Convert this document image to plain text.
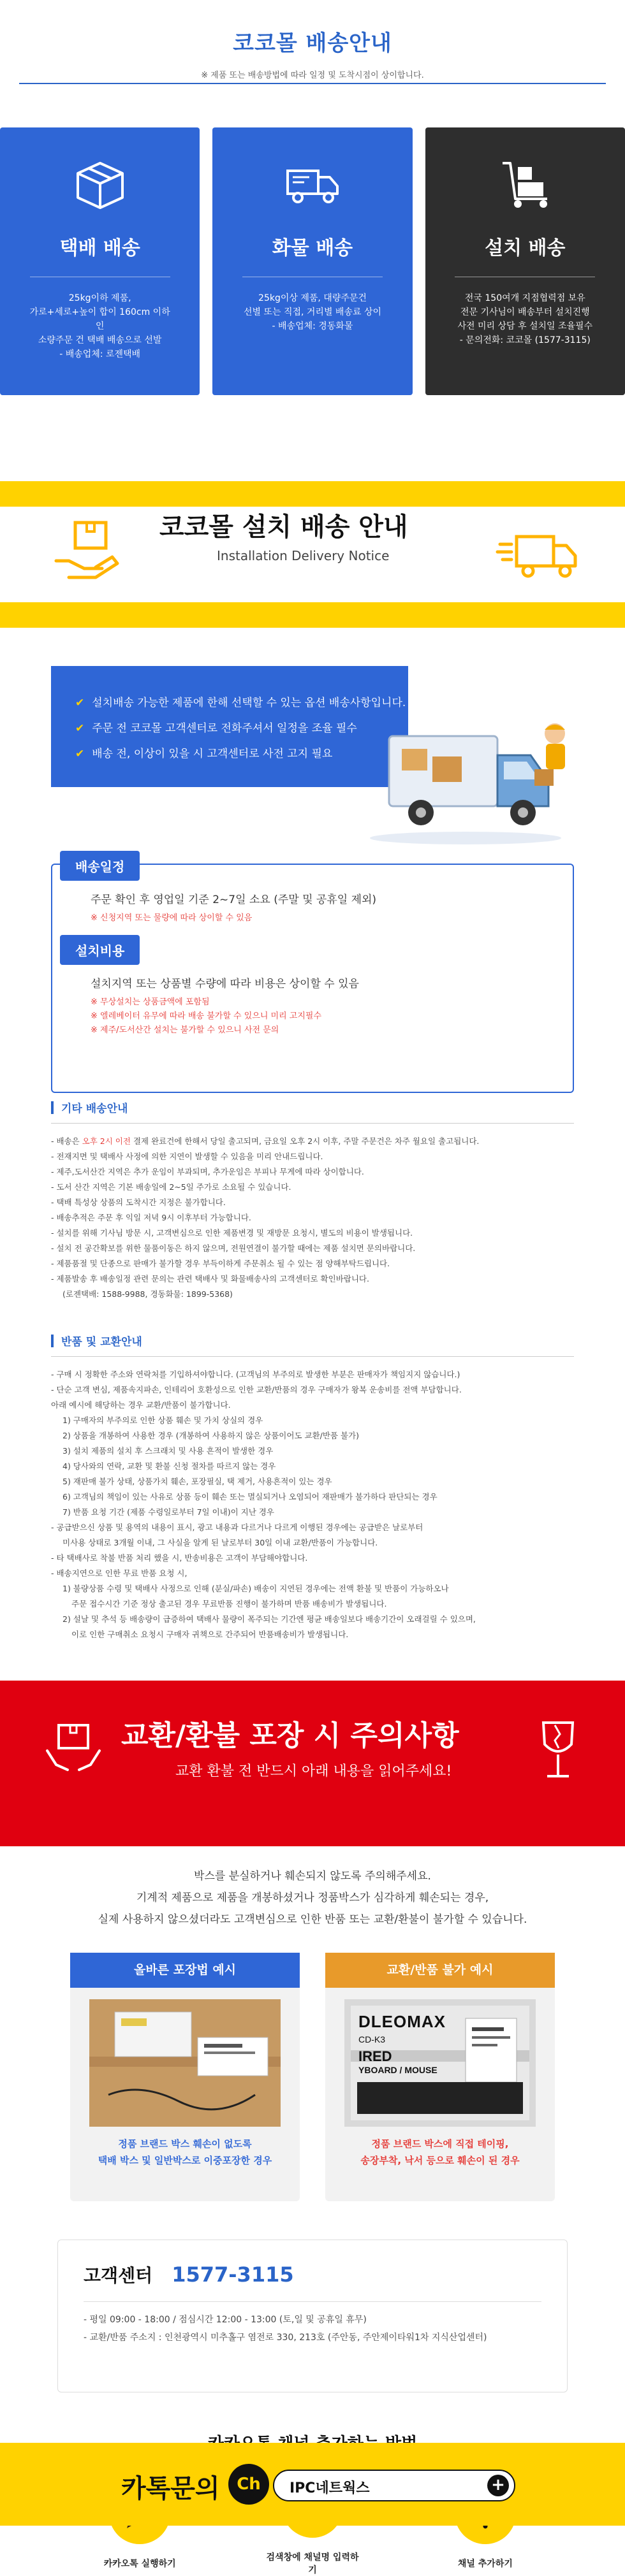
코코몰 배송안내

※ 제품 또는 배송방법에 따라 일정 및 도착시점이 상이합니다.

택배 배송
25kg이하 제품,
가로+세로+높이 합이 160cm 이하인
소량주문 건 택배 배송으로 선발
- 배송업체: 로젠택배
화물 배송
25kg이상 제품, 대량주문건
선별 또는 직접, 거리별 배송료 상이
- 배송업체: 경동화물
설치 배송
전국 150여개 지점협력점 보유
전문 기사님이 배송부터 설치진행
사전 미리 상담 후 설치일 조율필수
- 문의전화: 코코몰 (1577-3115)
코코몰 설치 배송 안내
Installation Delivery Notice
✔ 설치배송 가능한 제품에 한해 선택할 수 있는 옵션 배송사항입니다.
✔ 주문 전 코코몰 고객센터로 전화주셔서 일정을 조율 필수
✔ 배송 전, 이상이 있을 시 고객센터로 사전 고지 필요
배송일정
주문 확인 후 영업일 기준 2~7일 소요 (주말 및 공휴일 제외)
※ 신청지역 또는 물량에 따라 상이할 수 있음
설치비용
설치지역 또는 상품별 수량에 따라 비용은 상이할 수 있음
※ 무상설치는 상품금액에 포함됨
※ 엘레베이터 유무에 따라 배송 불가할 수 있으니 미리 고지필수
※ 제주/도서산간 설치는 불가할 수 있으니 사전 문의
기타 배송안내
- 배송은 오후 2시 이전 결제 완료건에 한해서 당일 출고되며, 금요일 오후 2시 이후, 주말 주문건은 차주 월요일 출고됩니다.
- 전재지면 및 택배사 사정에 의한 지연이 발생할 수 있음을 미리 안내드립니다.
- 제주,도서산간 지역은 추가 운임이 부과되며, 추가운임은 부피나 무게에 따라 상이합니다.
- 도서 산간 지역은 기본 배송일에 2~5일 주가로 소요될 수 있습니다.
- 택배 특성상 상품의 도착시간 지정은 불가합니다.
- 배송추적은 주문 후 익일 저녁 9시 이후부터 가능합니다.
- 설치를 위해 기사님 방문 시, 고객변심으로 인한 제품변경 및 재방문 요청시, 별도의 비용이 발생됩니다.
- 설치 전 공간확보를 위한 물품이동은 하지 않으며, 전원연결이 불가할 때에는 제품 설치면 문의바랍니다.
- 제품품절 및 단종으로 판매가 불가할 경우 부득이하게 주문취소 될 수 있는 점 양해부탁드립니다.
- 제품발송 후 배송일정 관련 문의는 관련 택배사 및 화물배송사의 고객센터로 확인바랍니다.
(로젠택배: 1588-9988, 경동화물: 1899-5368)
반품 및 교환안내
- 구매 시 정확한 주소와 연락처를 기입하셔야합니다. (고객님의 부주의로 발생한 부분은 판매자가 책임지지 않습니다.)
- 단순 고객 변심, 제품속지파손, 인테리어 호환성으로 인한 교환/반품의 경우 구매자가 왕복 운송비를 전액 부담합니다.
아래 예시에 해당하는 경우 교환/반품이 불가합니다.
1) 구매자의 부주의로 인한 상품 훼손 및 가치 상실의 경우
2) 상품을 개봉하여 사용한 경우 (개봉하여 사용하지 않은 상품이어도 교환/반품 불가)
3) 설치 제품의 설치 후 스크래치 및 사용 흔적이 발생한 경우
4) 당사와의 연락, 교환 및 환불 신청 절차를 따르지 않는 경우
5) 재판매 불가 상태, 상품가치 훼손, 포장필실, 택 제거, 사용흔적이 있는 경우
6) 고객님의 책임이 있는 사유로 상품 등이 훼손 또는 멸실되거나 오염되어 재판매가 불가하다 판단되는 경우
7) 반품 요청 기간 (제품 수령일로부터 7일 이내)이 지난 경우
- 공급받으신 상품 및 용역의 내용이 표시, 광고 내용과 다르거나 다르게 이행된 경우에는 공급받은 날로부터
미사용 상태로 3개월 이내, 그 사실을 알게 된 날로부터 30일 이내 교환/반품이 가능합니다.
- 타 택배사로 착불 반품 처리 했을 시, 반송비용은 고객이 부담해야합니다.
- 배송지연으로 인한 무료 반품 요청 시,
1) 불량상품 수령 및 택배사 사정으로 인해 (분실/파손) 배송이 지연된 경우에는 전액 환불 및 반품이 가능하오나
주문 접수시간 기준 정상 출고된 경우 무료반품 진행이 불가하며 반품 배송비가 발생됩니다.
2) 설날 및 추석 등 배송량이 급증하여 택배사 물량이 폭주되는 기간엔 평균 배송일보다 배송기간이 오래걸릴 수 있으며,
이로 인한 구매취소 요청시 구매자 귀책으로 간주되어 반품배송비가 발생됩니다.
교환/환불 포장 시 주의사항
교환 환불 전 반드시 아래 내용을 읽어주세요!
박스를 분실하거나 훼손되지 않도록 주의해주세요.
기계적 제품으로 제품을 개봉하셨거나 정품박스가 심각하게 훼손되는 경우,
실제 사용하지 않으셨더라도 고객변심으로 인한 반품 또는 교환/환불이 불가할 수 있습니다.
올바른 포장법 예시
정품 브랜드 박스 훼손이 없도록
택배 박스 및 일반박스로 이중포장한 경우
교환/반품 불가 예시
DLEOMAX
CD-K3
IRED
YBOARD / MOUSE
정품 브랜드 박스에 직접 테이핑,
송장부착, 낙서 등으로 훼손이 된 경우
고객센터 1577-3115
- 평일 09:00 - 18:00 / 점심시간 12:00 - 13:00 (토,일 및 공휴일 휴무)
- 교환/반품 주소지 : 인천광역시 미추홀구 염전로 330, 213호 (주안동, 주안제이타워1차 지식산업센터)
카카오톡 실행하기
검색창에 채널명 입력하기
채널 추가하기
카톡문의	Ch	IPC네트웍스	+
